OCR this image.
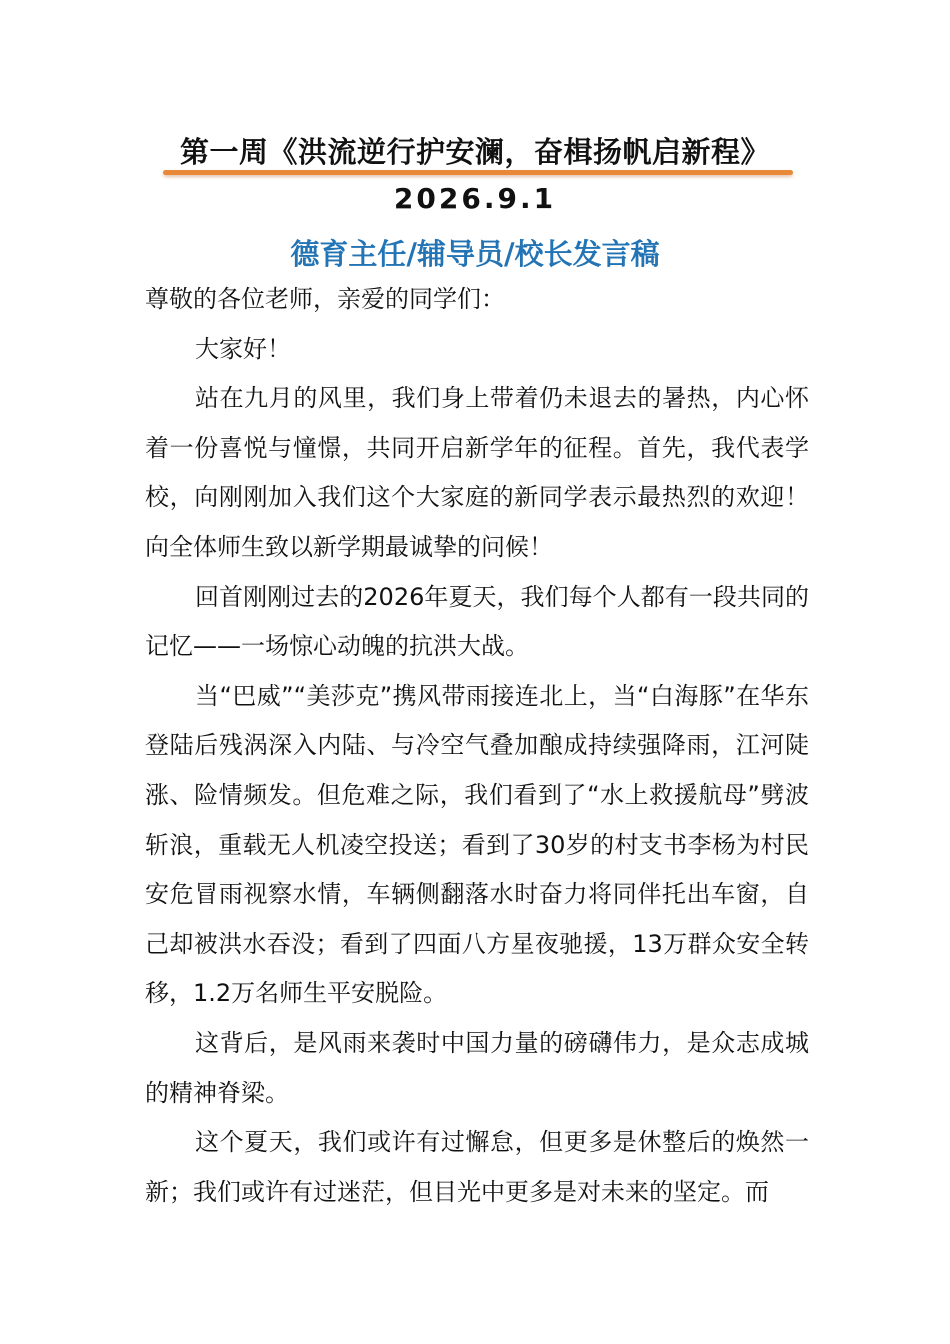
第一周《洪流逆行护安澜，奋楫扬帆启新程》
2026.9.1
德育主任/辅导员/校长发言稿

尊敬的各位老师，亲爱的同学们：

大家好！

站在九月的风里，我们身上带着仍未退去的暑热，内心怀着一份喜悦与憧憬，共同开启新学年的征程。首先，我代表学校，向刚刚加入我们这个大家庭的新同学表示最热烈的欢迎！向全体师生致以新学期最诚挚的问候！

回首刚刚过去的2026年夏天，我们每个人都有一段共同的记忆——一场惊心动魄的抗洪大战。

当“巴威”“美莎克”携风带雨接连北上，当“白海豚”在华东登陆后残涡深入内陆、与冷空气叠加酿成持续强降雨，江河陡涨、险情频发。但危难之际，我们看到了“水上救援航母”劈波斩浪，重载无人机凌空投送；看到了30岁的村支书李杨为村民安危冒雨视察水情，车辆侧翻落水时奋力将同伴托出车窗，自己却被洪水吞没；看到了四面八方星夜驰援，13万群众安全转移，1.2万名师生平安脱险。

这背后，是风雨来袭时中国力量的磅礴伟力，是众志成城的精神脊梁。

这个夏天，我们或许有过懈怠，但更多是休整后的焕然一新；我们或许有过迷茫，但目光中更多是对未来的坚定。而
